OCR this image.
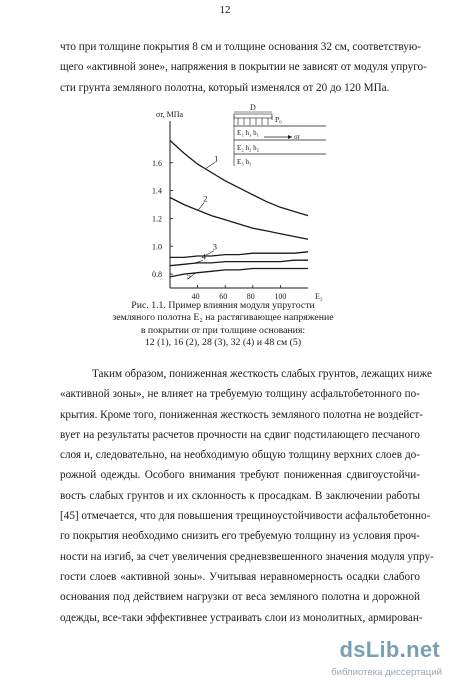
12
что при толщине покрытия 8 см и толщине основания 32 см, соответствую-
щего «активной зоне», напряжения в покрытии не зависят от модуля упруго-
сти грунта земляного полотна, который изменялся от 20 до 120 МПа.
σr, МПа
0.8
1.0
1.2
1.4
1.6
40 60 80 100	E₂
1
2
3
4
5
D
P₀
E₁ h₁ h₁	σr
E₂ h₂ h₂
E₃ h₃
Рис. 1.1. Пример влияния модуля упругости
земляного полотна E₂ на растягивающее напряжение
в покрытии σr при толщине основания:
12 (1), 16 (2), 28 (3), 32 (4) и 48 см (5)
Таким образом, пониженная жесткость слабых грунтов, лежащих ниже
«активной зоны», не влияет на требуемую толщину асфальтобетонного по-
крытия. Кроме того, пониженная жесткость земляного полотна не воздейст-
вует на результаты расчетов прочности на сдвиг подстилающего песчаного
слоя и, следовательно, на необходимую общую толщину верхних слоев до-
рожной одежды. Особого внимания требуют пониженная сдвигоустойчи-
вость слабых грунтов и их склонность к просадкам. В заключении работы
[45] отмечается, что для повышения трещиноустойчивости асфальтобетонно-
го покрытия необходимо снизить его требуемую толщину из условия проч-
ности на изгиб, за счет увеличения средневзвешенного значения модуля упру-
гости слоев «активной зоны». Учитывая неравномерность осадки слабого
основания под действием нагрузки от веса земляного полотна и дорожной
одежды, все-таки эффективнее устраивать слои из монолитных, армирован-
dsLib.net
библиотека диссертаций
